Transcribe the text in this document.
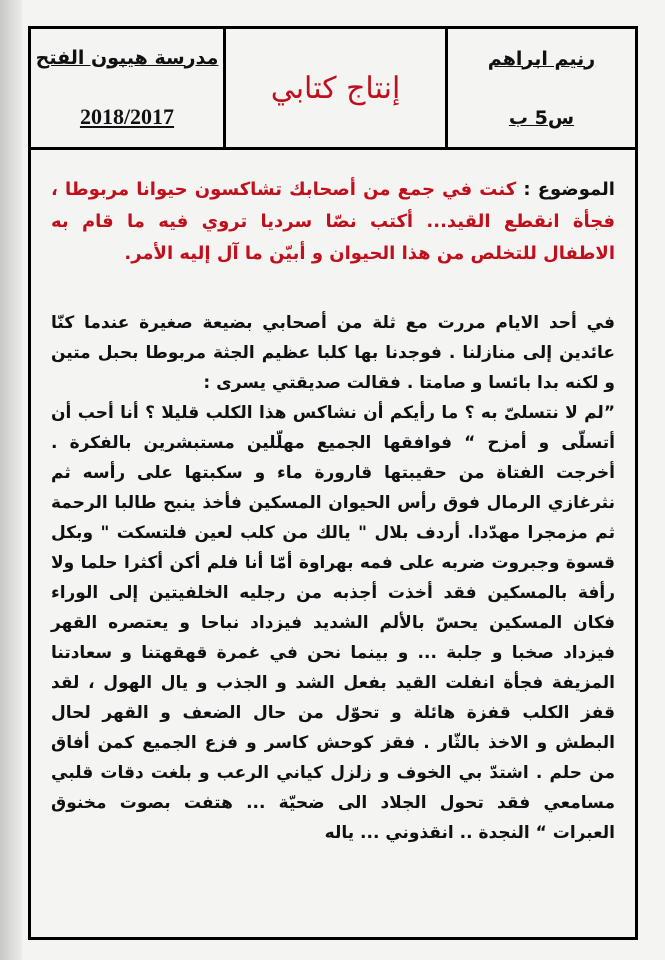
رنيم ابراهم
س5 ب
إنتاج كتابي
مدرسة هيبون الفتح
2018/2017
الموضوع : كنت في جمع من أصحابك تشاكسون حيوانا مربوطا ، فجأة انقطع القيد... أكتب نصّا سرديا تروي فيه ما قام به الاطفال للتخلص من هذا الحيوان و أبيّن ما آل إليه الأمر.

في أحد الايام مررت مع ثلة من أصحابي بضيعة صغيرة عندما كنّا عائدين إلى منازلنا . فوجدنا بها كلبا عظيم الجثة مربوطا بحبل متين و لكنه بدا بائسا و صامتا . فقالت صديقتي يسرى :

”لم لا نتسلىّ به ؟ ما رأيكم أن نشاكس هذا الكلب قليلا ؟ أنا أحب أن أتسلّى و أمزح “ فوافقها الجميع مهلّلين مستبشرين بالفكرة . أخرجت الفتاة من حقيبتها قارورة ماء و سكبتها على رأسه ثم نثرغازي الرمال فوق رأس الحيوان المسكين فأخذ ينبح طالبا الرحمة ثم مزمجرا مهدّدا. أردف بلال " يالك من كلب لعين فلتسكت " وبكل قسوة وجبروت ضربه على فمه بهراوة أمّا أنا فلم أكن أكثرا حلما ولا رأفة بالمسكين فقد أخذت أجذبه من رجليه الخلفيتين إلى الوراء فكان المسكين يحسّ بالألم الشديد فيزداد نباحا و يعتصره القهر فيزداد صخبا و جلبة ... و بينما نحن في غمرة قهقهتنا و سعادتنا المزيفة فجأة انفلت القيد بفعل الشد و الجذب و يال الهول ، لقد قفز الكلب قفزة هائلة و تحوّل من حال الضعف و القهر لحال البطش و الاخذ بالثّار . فقز كوحش كاسر و فزع الجميع كمن أفاق من حلم . اشتدّ بي الخوف و زلزل كياني الرعب و بلغت دقات قلبي مسامعي فقد تحول الجلاد الى ضحيّة ... هتفت بصوت مخنوق العبرات “ النجدة .. انقذوني ... ياله
